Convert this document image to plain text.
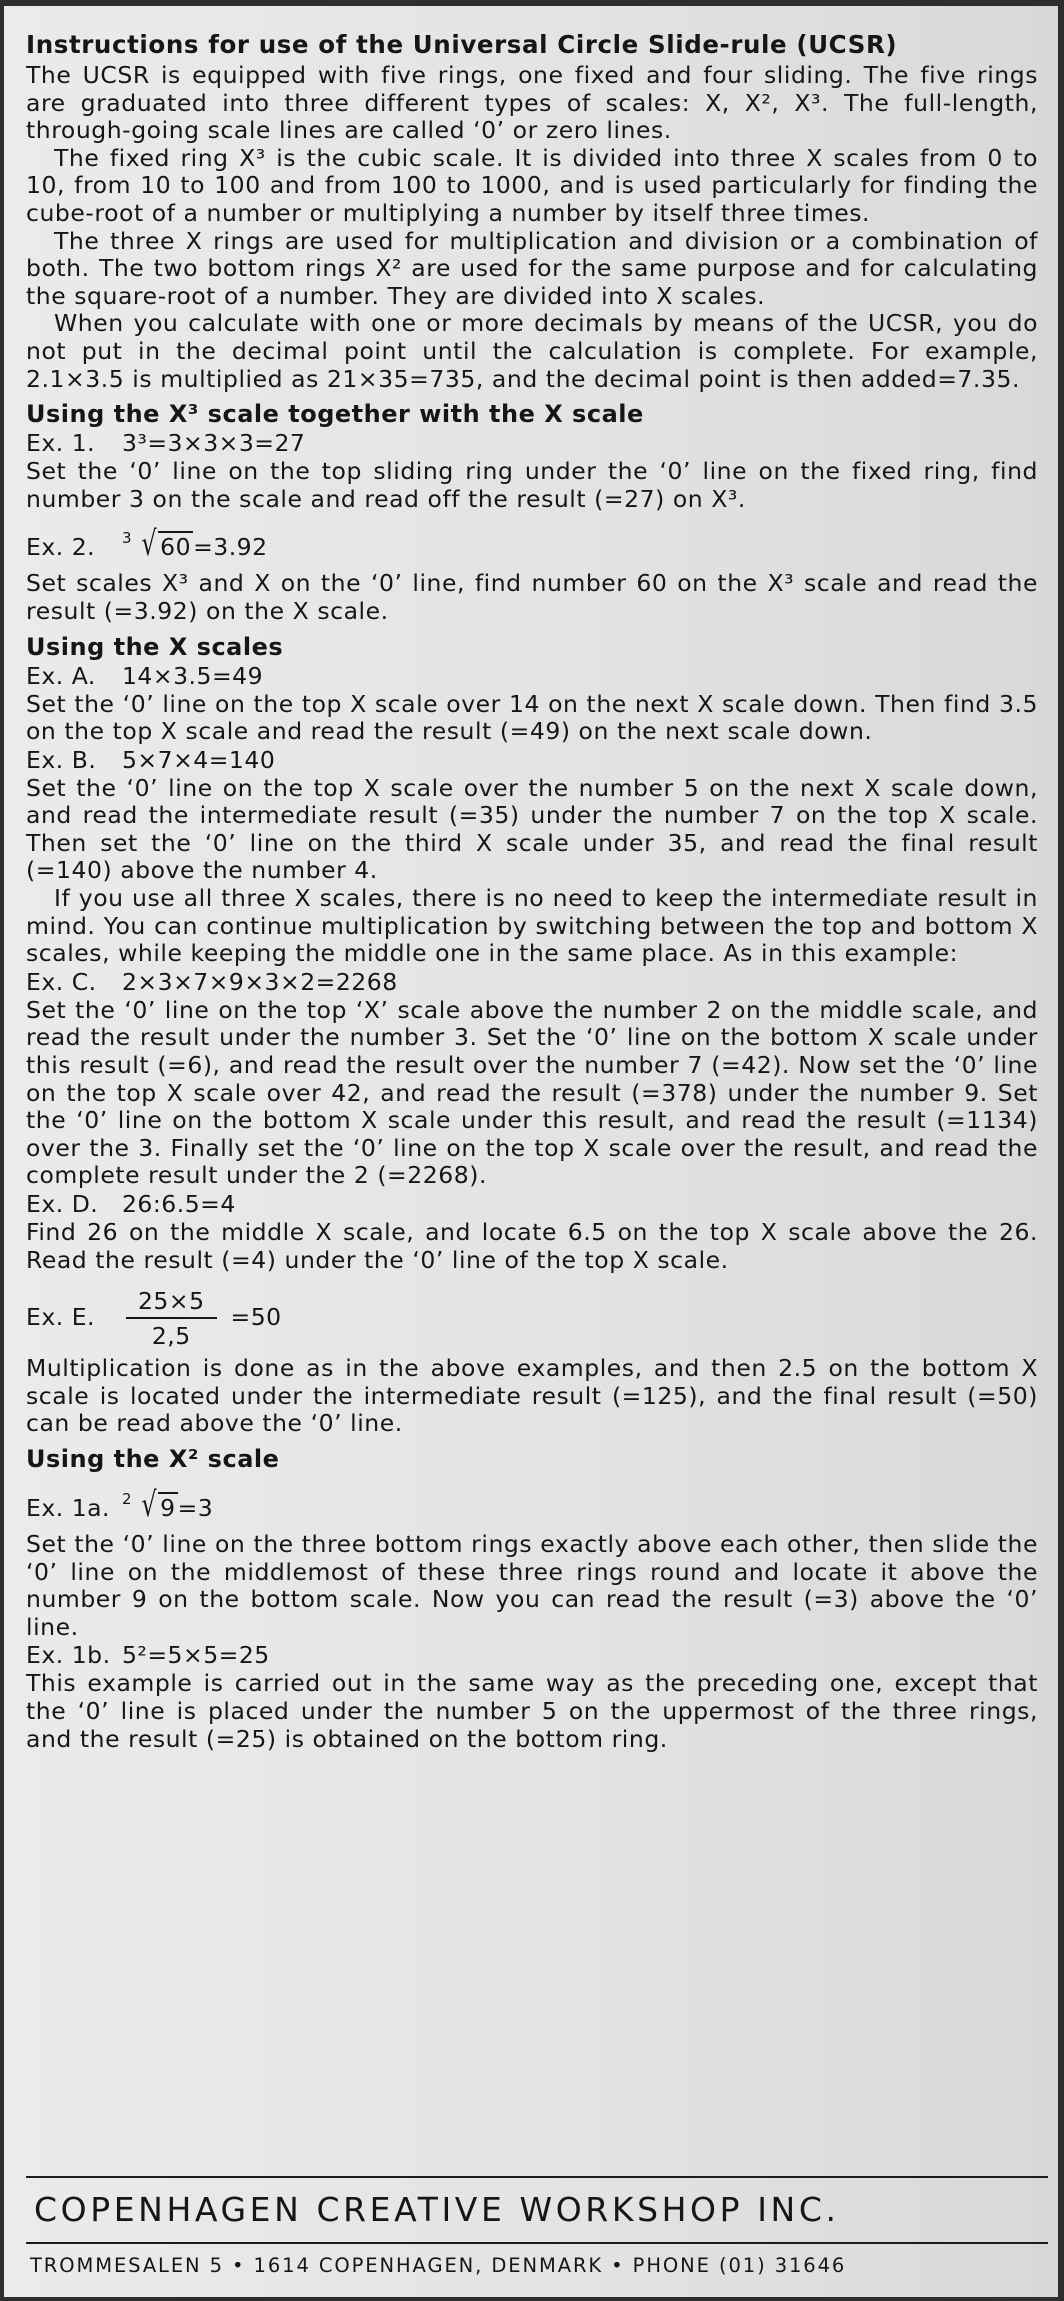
Instructions for use of the Universal Circle Slide-rule (UCSR)

The UCSR is equipped with five rings, one fixed and four sliding. The five rings are graduated into three different types of scales: X, X², X³. The full-length, through-going scale lines are called ‘0’ or zero lines.

The fixed ring X³ is the cubic scale. It is divided into three X scales from 0 to 10, from 10 to 100 and from 100 to 1000, and is used particularly for finding the cube-root of a number or multiplying a number by itself three times.

The three X rings are used for multiplication and division or a combination of both. The two bottom rings X² are used for the same purpose and for calculating the square-root of a number. They are divided into X scales.

When you calculate with one or more decimals by means of the UCSR, you do not put in the decimal point until the calculation is complete. For example, 2.1×3.5 is multiplied as 21×35=735, and the decimal point is then added=7.35.

Using the X³ scale together with the X scale
Ex. 1. 3³=3×3×3=27

Set the ‘0’ line on the top sliding ring under the ‘0’ line on the fixed ring, find number 3 on the scale and read off the result (=27) on X³.

Ex. 2. 3 √ 60=3.92

Set scales X³ and X on the ‘0’ line, find number 60 on the X³ scale and read the result (=3.92) on the X scale.

Using the X scales
Ex. A. 14×3.5=49

Set the ‘0’ line on the top X scale over 14 on the next X scale down. Then find 3.5 on the top X scale and read the result (=49) on the next scale down.

Ex. B. 5×7×4=140

Set the ‘0’ line on the top X scale over the number 5 on the next X scale down, and read the intermediate result (=35) under the number 7 on the top X scale. Then set the ‘0’ line on the third X scale under 35, and read the final result (=140) above the number 4.

If you use all three X scales, there is no need to keep the intermediate result in mind. You can continue multiplication by switching between the top and bottom X scales, while keeping the middle one in the same place. As in this example:

Ex. C. 2×3×7×9×3×2=2268

Set the ‘0’ line on the top ‘X’ scale above the number 2 on the middle scale, and read the result under the number 3. Set the ‘0’ line on the bottom X scale under this result (=6), and read the result over the number 7 (=42). Now set the ‘0’ line on the top X scale over 42, and read the result (=378) under the number 9. Set the ‘0’ line on the bottom X scale under this result, and read the result (=1134) over the 3. Finally set the ‘0’ line on the top X scale over the result, and read the complete result under the 2 (=2268).

Ex. D. 26:6.5=4

Find 26 on the middle X scale, and locate 6.5 on the top X scale above the 26. Read the result (=4) under the ‘0’ line of the top X scale.

Ex. E. $\frac{25\times 5}{2,5} =50$

Multiplication is done as in the above examples, and then 2.5 on the bottom X scale is located under the intermediate result (=125), and the final result (=50) can be read above the ‘0’ line.

Using the X² scale
Ex. 1a. 2 √ 9=3

Set the ‘0’ line on the three bottom rings exactly above each other, then slide the ‘0’ line on the middlemost of these three rings round and locate it above the number 9 on the bottom scale. Now you can read the result (=3) above the ‘0’ line.

Ex. 1b. 5²=5×5=25

This example is carried out in the same way as the preceding one, except that the ‘0’ line is placed under the number 5 on the uppermost of the three rings, and the result (=25) is obtained on the bottom ring.

COPENHAGEN CREATIVE WORKSHOP INC.
TROMMESALEN 5 • 1614 COPENHAGEN, DENMARK • PHONE (01) 31646
